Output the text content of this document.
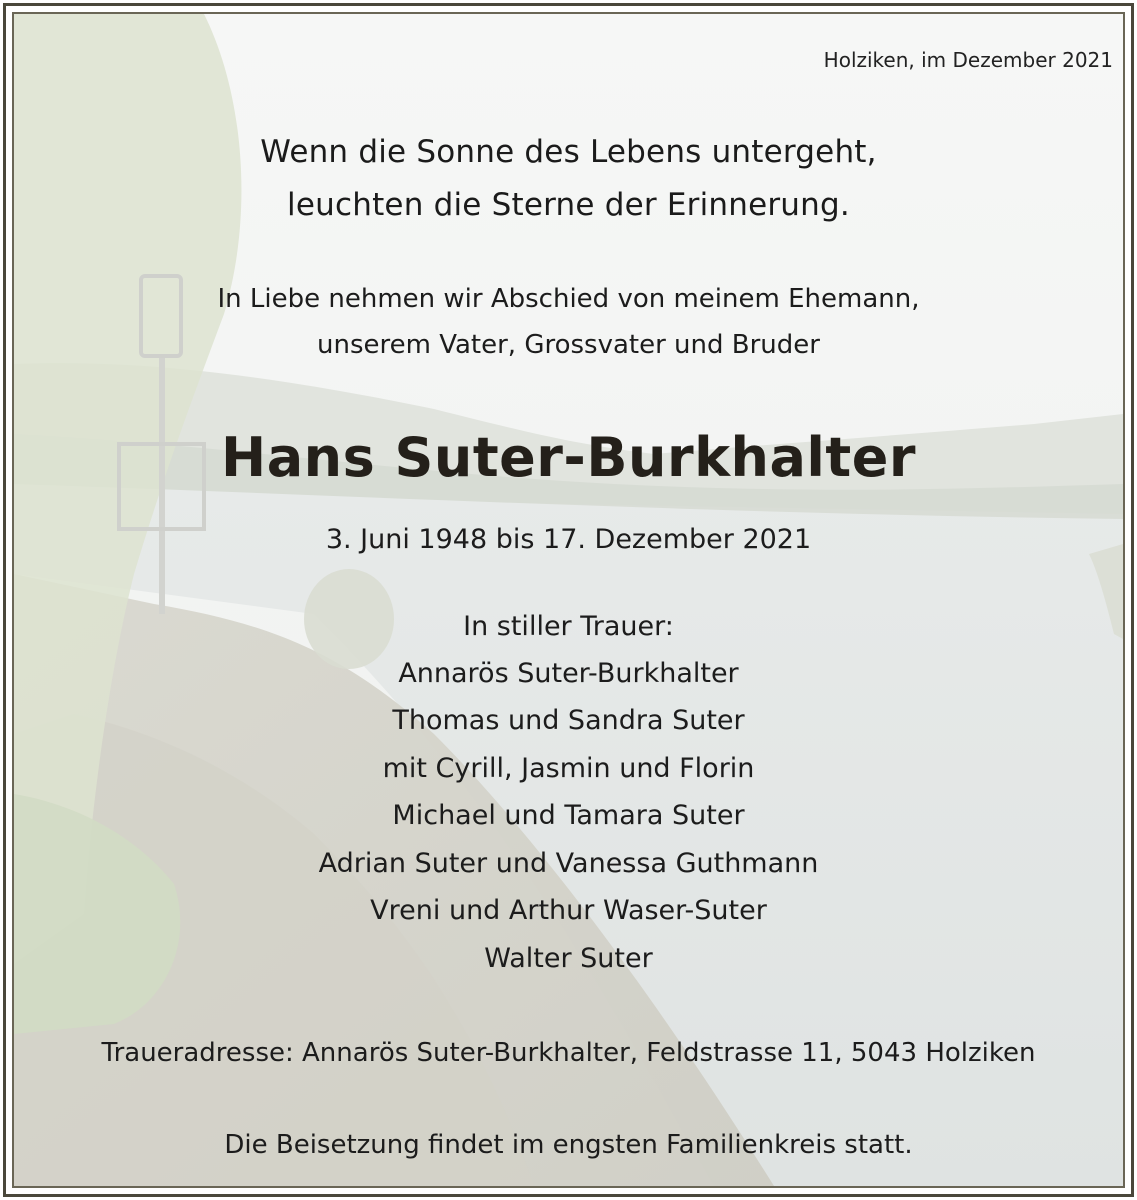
Holziken, im Dezember 2021
Wenn die Sonne des Lebens untergeht,
leuchten die Sterne der Erinnerung.
In Liebe nehmen wir Abschied von meinem Ehemann,
unserem Vater, Grossvater und Bruder
Hans Suter-Burkhalter
3. Juni 1948 bis 17. Dezember 2021
In stiller Trauer:
Annarös Suter-Burkhalter
Thomas und Sandra Suter
mit Cyrill, Jasmin und Florin
Michael und Tamara Suter
Adrian Suter und Vanessa Guthmann
Vreni und Arthur Waser-Suter
Walter Suter
Traueradresse: Annarös Suter-Burkhalter, Feldstrasse 11, 5043 Holziken
Die Beisetzung findet im engsten Familienkreis statt.
